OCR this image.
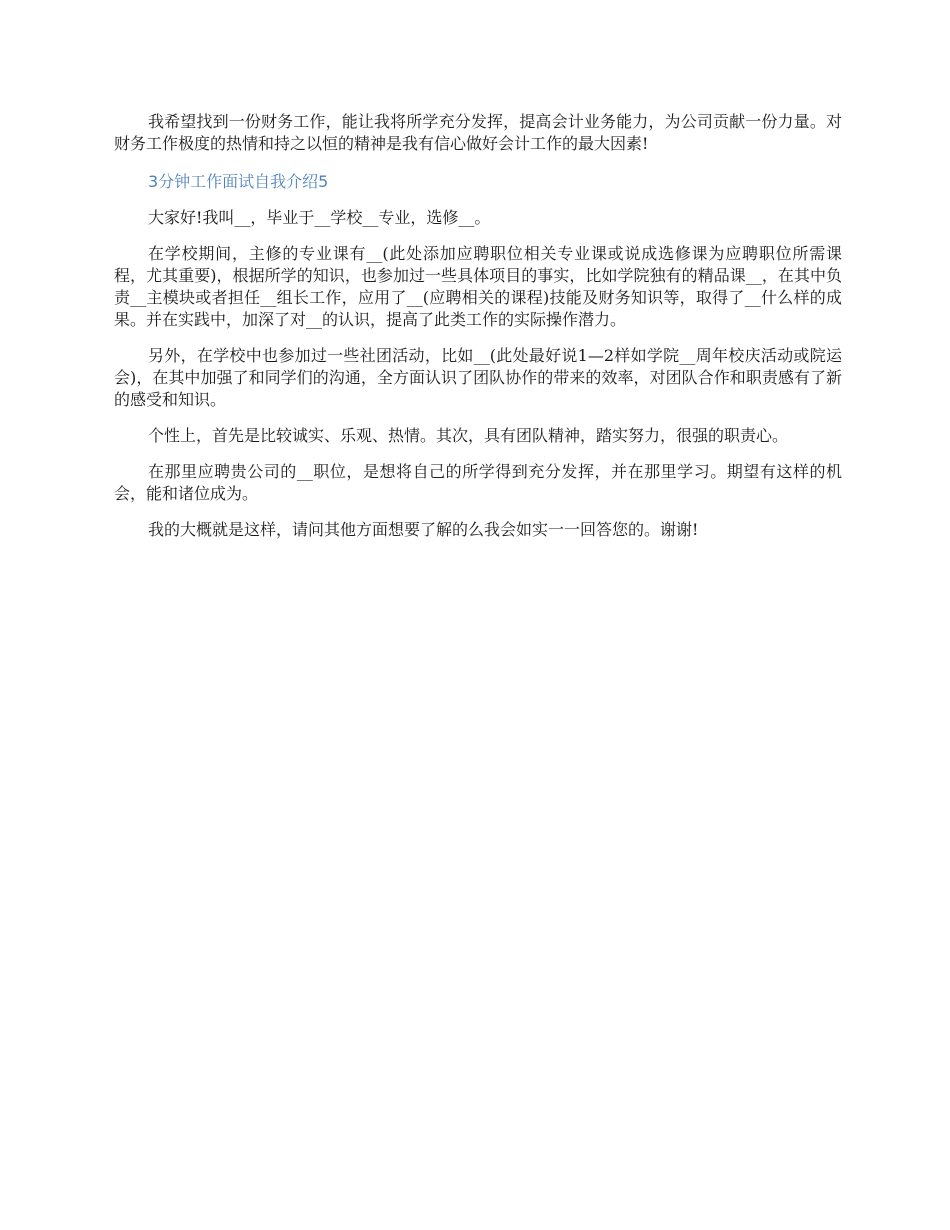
我希望找到一份财务工作，能让我将所学充分发挥，提高会计业务能力，为公司贡献一份力量。对财务工作极度的热情和持之以恒的精神是我有信心做好会计工作的最大因素!

3分钟工作面试自我介绍5

大家好!我叫__，毕业于__学校__专业，选修__。

在学校期间，主修的专业课有__(此处添加应聘职位相关专业课或说成选修课为应聘职位所需课程，尤其重要)，根据所学的知识，也参加过一些具体项目的事实，比如学院独有的精品课__，在其中负责__主模块或者担任__组长工作，应用了__(应聘相关的课程)技能及财务知识等，取得了__什么样的成果。并在实践中，加深了对__的认识，提高了此类工作的实际操作潜力。

另外，在学校中也参加过一些社团活动，比如__(此处最好说1—2样如学院__周年校庆活动或院运会)，在其中加强了和同学们的沟通，全方面认识了团队协作的带来的效率，对团队合作和职责感有了新的感受和知识。

个性上，首先是比较诚实、乐观、热情。其次，具有团队精神，踏实努力，很强的职责心。

在那里应聘贵公司的__职位，是想将自己的所学得到充分发挥，并在那里学习。期望有这样的机会，能和诸位成为。

我的大概就是这样，请问其他方面想要了解的么我会如实一一回答您的。谢谢!
